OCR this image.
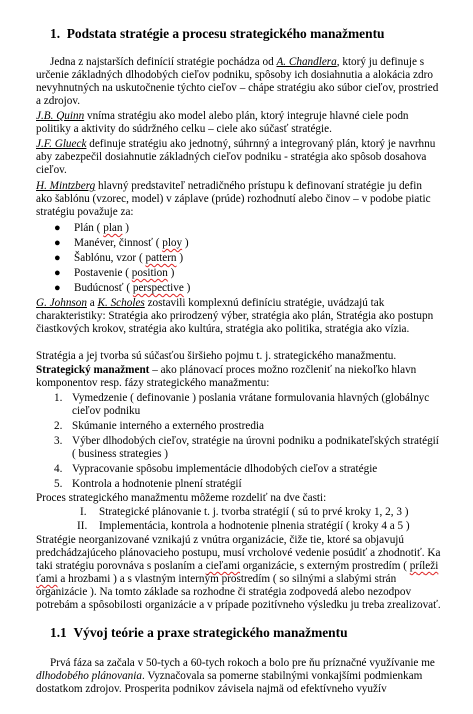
1. Podstata stratégie a procesu strategického manažmentu
Jedna z najstarších definícií stratégie pochádza od A. Chandlera, ktorý ju definuje s
určenie základných dlhodobých cieľov podniku, spôsoby ich dosiahnutia a alokácia zdro
nevyhnutných na uskutočnenie týchto cieľov – chápe stratégiu ako súbor cieľov, prostried
a zdrojov.
J.B. Quinn vníma stratégiu ako model alebo plán, ktorý integruje hlavné ciele podn
politiky a aktivity do súdržného celku – ciele ako súčasť stratégie.
J.F. Glueck definuje stratégiu ako jednotný, súhrnný a integrovaný plán, ktorý je navrhnu
aby zabezpečil dosiahnutie základných cieľov podniku - stratégia ako spôsob dosahova
cieľov.
H. Mintzberg hlavný predstaviteľ netradičného prístupu k definovaní stratégie ju defin
ako šablónu (vzorec, model) v záplave (prúde) rozhodnutí alebo činov – v podobe piatic
stratégiu považuje za:
● Plán ( plan )
● Manéver, činnosť ( ploy )
● Šablónu, vzor ( pattern )
● Postavenie ( position )
● Budúcnosť ( perspective )
G. Johnson a K. Scholes zostavili komplexnú definíciu stratégie, uvádzajú tak
charakteristiky: Stratégia ako prirodzený výber, stratégia ako plán, Stratégia ako postupn
čiastkových krokov, stratégia ako kultúra, stratégia ako politika, stratégia ako vízia.
Stratégia a jej tvorba sú súčasťou širšieho pojmu t. j. strategického manažmentu.
Strategický manažment – ako plánovací proces možno rozčleniť na niekoľko hlavn
komponentov resp. fázy strategického manažmentu:
1. Vymedzenie ( definovanie ) poslania vrátane formulovania hlavných (globálnyc
cieľov podniku
2. Skúmanie interného a externého prostredia
3. Výber dlhodobých cieľov, stratégie na úrovni podniku a podnikateľských stratégií
( business strategies )
4. Vypracovanie spôsobu implementácie dlhodobých cieľov a stratégie
5. Kontrola a hodnotenie plnení stratégií
Proces strategického manažmentu môžeme rozdeliť na dve časti:
I. Strategické plánovanie t. j. tvorba stratégií ( sú to prvé kroky 1, 2, 3 )
II. Implementácia, kontrola a hodnotenie plnenia stratégií ( kroky 4 a 5 )
Stratégie neorganizované vznikajú z vnútra organizácie, čiže tie, ktoré sa objavujú
predchádzajúceho plánovacieho postupu, musí vrcholové vedenie posúdiť a zhodnotiť. Ka
taki stratégiu porovnáva s poslaním a cieľami organizácie, s externým prostredím ( príleži
ťami a hrozbami ) a s vlastným interným prostredím ( so silnými a slabými strán
organizácie ). Na tomto základe sa rozhodne či stratégia zodpovedá alebo nezodpov
potrebám a spôsobilosti organizácie a v prípade pozitívneho výsledku ju treba zrealizovať.
1.1 Vývoj teórie a praxe strategického manažmentu
Prvá fáza sa začala v 50-tych a 60-tych rokoch a bolo pre ňu príznačné využívanie me
dlhodobého plánovania. Vyznačovala sa pomerne stabilnými vonkajšími podmienkam
dostatkom zdrojov. Prosperita podnikov závisela najmä od efektívneho využív
